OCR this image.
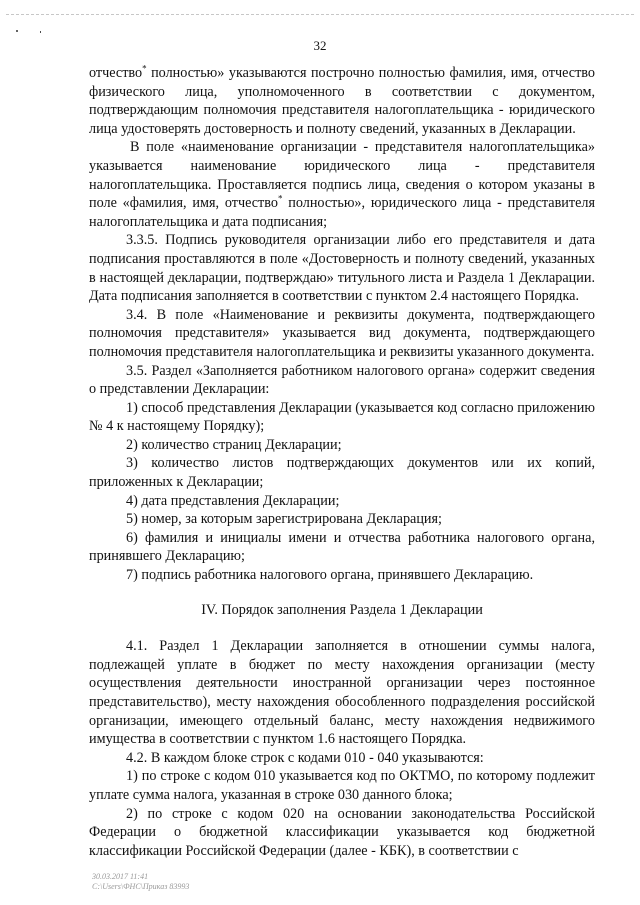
32

отчество* полностью» указываются построчно полностью фамилия, имя, отчество физического лица, уполномоченного в соответствии с документом, подтверждающим полномочия представителя налогоплательщика - юридического лица удостоверять достоверность и полноту сведений, указанных в Декларации.

В поле «наименование организации - представителя налогоплательщика» указывается наименование юридического лица - представителя налогоплательщика. Проставляется подпись лица, сведения о котором указаны в поле «фамилия, имя, отчество* полностью», юридического лица - представителя налогоплательщика и дата подписания;

3.3.5. Подпись руководителя организации либо его представителя и дата подписания проставляются в поле «Достоверность и полноту сведений, указанных в настоящей декларации, подтверждаю» титульного листа и Раздела 1 Декларации. Дата подписания заполняется в соответствии с пунктом 2.4 настоящего Порядка.

3.4. В поле «Наименование и реквизиты документа, подтверждающего полномочия представителя» указывается вид документа, подтверждающего полномочия представителя налогоплательщика и реквизиты указанного документа.

3.5. Раздел «Заполняется работником налогового органа» содержит сведения о представлении Декларации:

1) способ представления Декларации (указывается код согласно приложению № 4 к настоящему Порядку);

2) количество страниц Декларации;

3) количество листов подтверждающих документов или их копий, приложенных к Декларации;

4) дата представления Декларации;

5) номер, за которым зарегистрирована Декларация;

6) фамилия и инициалы имени и отчества работника налогового органа, принявшего Декларацию;

7) подпись работника налогового органа, принявшего Декларацию.

IV. Порядок заполнения Раздела 1 Декларации

4.1. Раздел 1 Декларации заполняется в отношении суммы налога, подлежащей уплате в бюджет по месту нахождения организации (месту осуществления деятельности иностранной организации через постоянное представительство), месту нахождения обособленного подразделения российской организации, имеющего отдельный баланс, месту нахождения недвижимого имущества в соответствии с пунктом 1.6 настоящего Порядка.

4.2. В каждом блоке строк с кодами 010 - 040 указываются:

1) по строке с кодом 010 указывается код по ОКТМО, по которому подлежит уплате сумма налога, указанная в строке 030 данного блока;

2) по строке с кодом 020 на основании законодательства Российской Федерации о бюджетной классификации указывается код бюджетной классификации Российской Федерации (далее - КБК), в соответствии с

30.03.2017 11:41
С:\Users\ФНС\Приказ 83993
